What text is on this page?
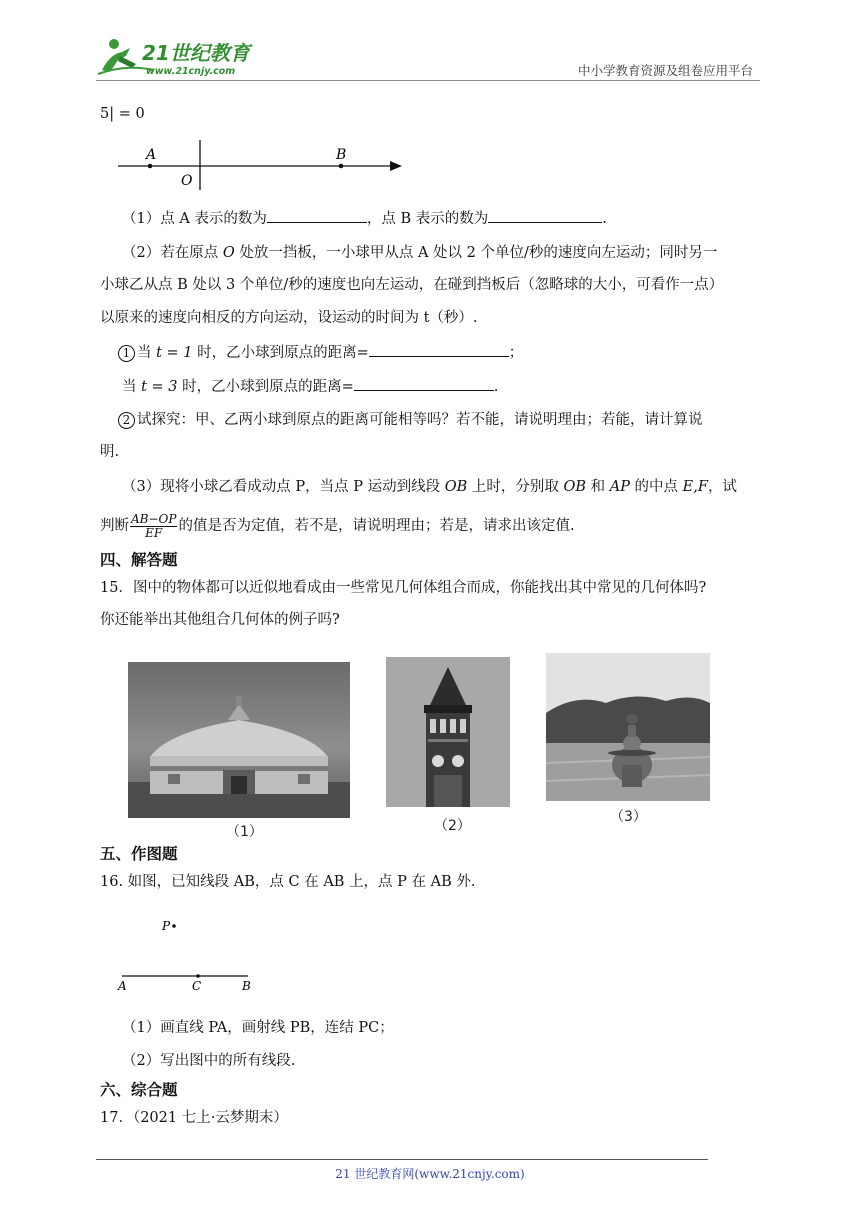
21世纪教育
www.21cnjy.com	中小学教育资源及组卷应用平台
5| = 0
A	B
O
（1）点 A 表示的数为	，点 B 表示的数为	.
（2）若在原点 O 处放一挡板，一小球甲从点 A 处以 2 个单位/秒的速度向左运动；同时另一
小球乙从点 B 处以 3 个单位/秒的速度也向左运动，在碰到挡板后（忽略球的大小，可看作一点）
以原来的速度向相反的方向运动，设运动的时间为 t（秒）.
1 当 t = 1 时，乙小球到原点的距离=	；
当 t = 3 时，乙小球到原点的距离=	.
2 试探究：甲、乙两小球到原点的距离可能相等吗？若不能，请说明理由；若能，请计算说
明.
（3）现将小球乙看成动点 P，当点 P 运动到线段 OB 上时，分别取 OB 和 AP 的中点 E,F，试
判断 $\frac{AB-OP}{EF}$ 的值是否为定值，若不是，请说明理由；若是，请求出该定值.
四、解答题
15．图中的物体都可以近似地看成由一些常见几何体组合而成，你能找出其中常见的几何体吗?
你还能举出其他组合几何体的例子吗?
（1）	（2）
（3）
五、作图题
16. 如图，已知线段 AB，点 C 在 AB 上，点 P 在 AB 外.
P
A	C	B
（1）画直线 PA，画射线 PB，连结 PC；
（2）写出图中的所有线段.
六、综合题
17．（2021 七上·云梦期末）
21 世纪教育网(www.21cnjy.com)
